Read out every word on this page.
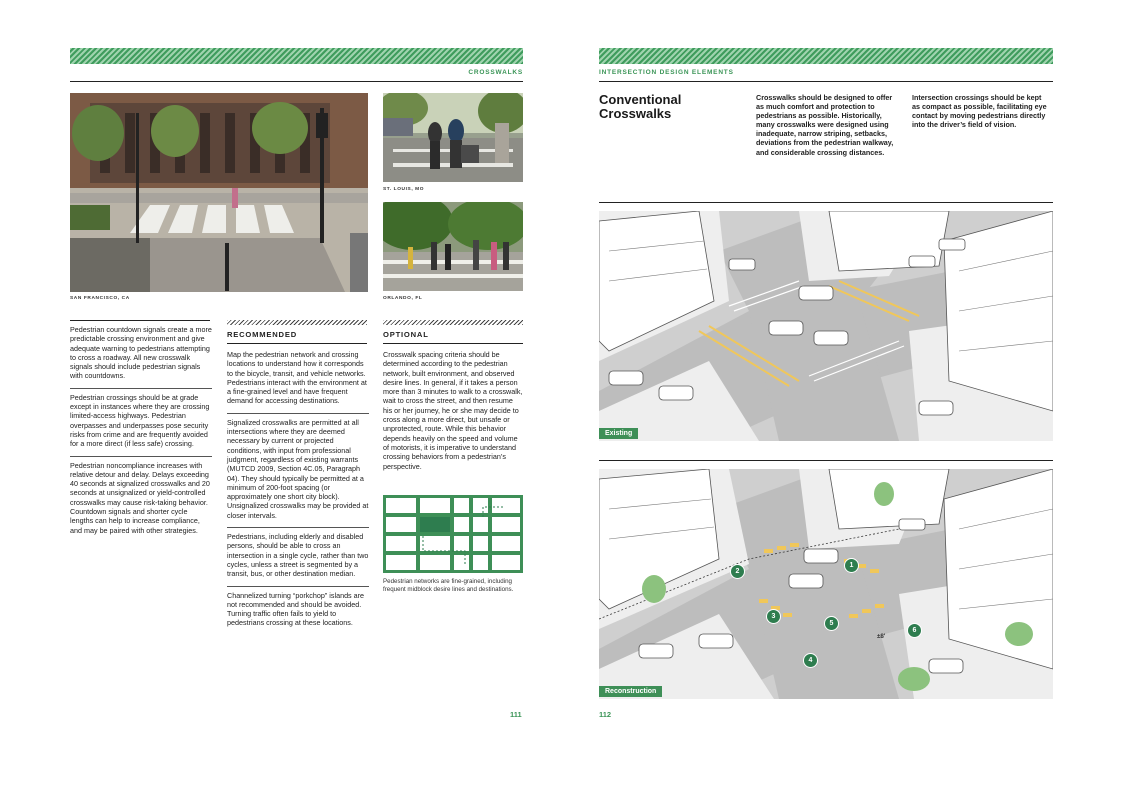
CROSSWALKS
SAN FRANCISCO, CA
ST. LOUIS, MO
ORLANDO, FL

Pedestrian countdown signals create a more predictable crossing environment and give adequate warning to pedestrians attempting to cross a roadway. All new crosswalk signals should include pedestrian signals with countdowns.

Pedestrian crossings should be at grade except in instances where they are crossing limited-access highways. Pedestrian overpasses and underpasses pose security risks from crime and are frequently avoided for a more direct (if less safe) crossing.

Pedestrian noncompliance increases with relative detour and delay. Delays exceeding 40 seconds at signalized crosswalks and 20 seconds at unsignalized or yield-controlled crosswalks may cause risk-taking behavior. Countdown signals and shorter cycle lengths can help to increase compliance, and may be paired with other strategies.

RECOMMENDED

Map the pedestrian network and crossing locations to understand how it corresponds to the bicycle, transit, and vehicle networks. Pedestrians interact with the environment at a fine-grained level and have frequent demand for accessing destinations.

Signalized crosswalks are permitted at all intersections where they are deemed necessary by current or projected conditions, with input from professional judgment, regardless of existing warrants (MUTCD 2009, Section 4C.05, Paragraph 04). They should typically be permitted at a minimum of 200-foot spacing (or approximately one short city block). Unsignalized crosswalks may be provided at closer intervals.

Pedestrians, including elderly and disabled persons, should be able to cross an intersection in a single cycle, rather than two cycles, unless a street is segmented by a transit, bus, or other destination median.

Channelized turning “porkchop” islands are not recommended and should be avoided. Turning traffic often fails to yield to pedestrians crossing at these locations.

OPTIONAL

Crosswalk spacing criteria should be determined according to the pedestrian network, built environment, and observed desire lines. In general, if it takes a person more than 3 minutes to walk to a crosswalk, wait to cross the street, and then resume his or her journey, he or she may decide to cross along a more direct, but unsafe or unprotected, route. While this behavior depends heavily on the speed and volume of motorists, it is imperative to understand crossing behaviors from a pedestrian’s perspective.

Pedestrian networks are fine-grained, including frequent midblock desire lines and destinations.
111
INTERSECTION DESIGN ELEMENTS
Conventional
Crosswalks
Crosswalks should be designed to offer as much comfort and protection to pedestrians as possible. Historically, many crosswalks were designed using inadequate, narrow striping, setbacks, deviations from the pedestrian walkway, and considerable crossing distances.
Intersection crossings should be kept as compact as possible, facilitating eye contact by moving pedestrians directly into the driver’s field of vision.
Existing
1
2
3
4
5
6
±8'
Reconstruction
112
